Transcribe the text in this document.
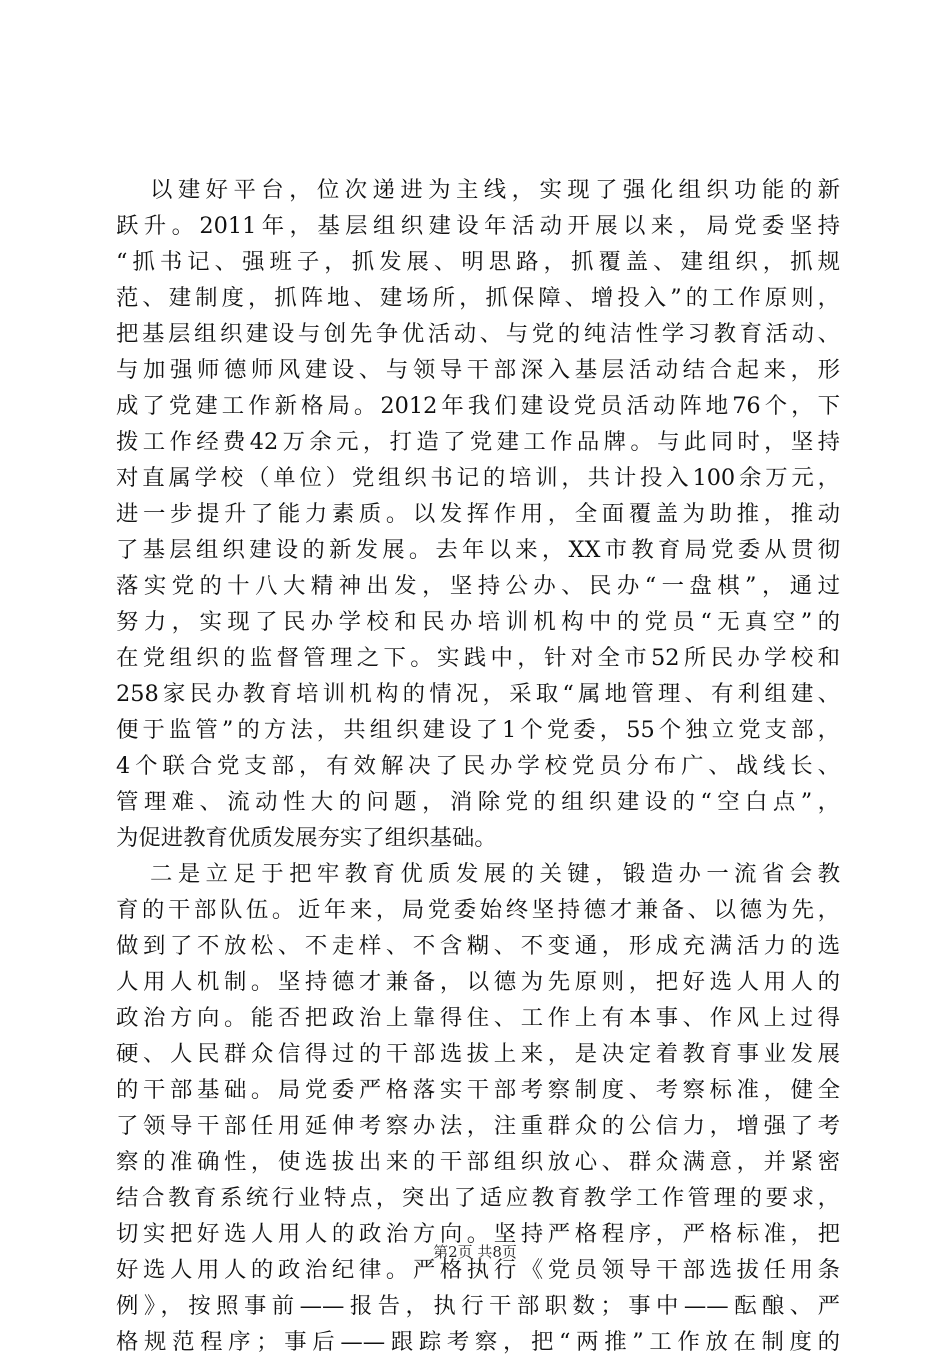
以建好平台，位次递进为主线，实现了强化组织功能的新
跃升。2011年，基层组织建设年活动开展以来，局党委坚持
“抓书记、强班子，抓发展、明思路，抓覆盖、建组织，抓规
范、建制度，抓阵地、建场所，抓保障、增投入”的工作原则，
把基层组织建设与创先争优活动、与党的纯洁性学习教育活动、
与加强师德师风建设、与领导干部深入基层活动结合起来，形
成了党建工作新格局。2012年我们建设党员活动阵地76个，下
拨工作经费42万余元，打造了党建工作品牌。与此同时，坚持
对直属学校（单位）党组织书记的培训，共计投入100余万元，
进一步提升了能力素质。以发挥作用，全面覆盖为助推，推动
了基层组织建设的新发展。去年以来，XX市教育局党委从贯彻
落实党的十八大精神出发，坚持公办、民办“一盘棋”，通过
努力，实现了民办学校和民办培训机构中的党员“无真空”的
在党组织的监督管理之下。实践中，针对全市52所民办学校和
258家民办教育培训机构的情况，采取“属地管理、有利组建、
便于监管”的方法，共组织建设了1个党委，55个独立党支部，
4个联合党支部，有效解决了民办学校党员分布广、战线长、
管理难、流动性大的问题，消除党的组织建设的“空白点”，
为促进教育优质发展夯实了组织基础。
二是立足于把牢教育优质发展的关键，锻造办一流省会教
育的干部队伍。近年来，局党委始终坚持德才兼备、以德为先，
做到了不放松、不走样、不含糊、不变通，形成充满活力的选
人用人机制。坚持德才兼备，以德为先原则，把好选人用人的
政治方向。能否把政治上靠得住、工作上有本事、作风上过得
硬、人民群众信得过的干部选拔上来，是决定着教育事业发展
的干部基础。局党委严格落实干部考察制度、考察标准，健全
了领导干部任用延伸考察办法，注重群众的公信力，增强了考
察的准确性，使选拔出来的干部组织放心、群众满意，并紧密
结合教育系统行业特点，突出了适应教育教学工作管理的要求，
切实把好选人用人的政治方向。坚持严格程序，严格标准，把
好选人用人的政治纪律。严格执行《党员领导干部选拔任用条
例》，按照事前——报告，执行干部职数；事中——酝酿、严
格规范程序；事后——跟踪考察，把“两推”工作放在制度的
第2页 共8页
